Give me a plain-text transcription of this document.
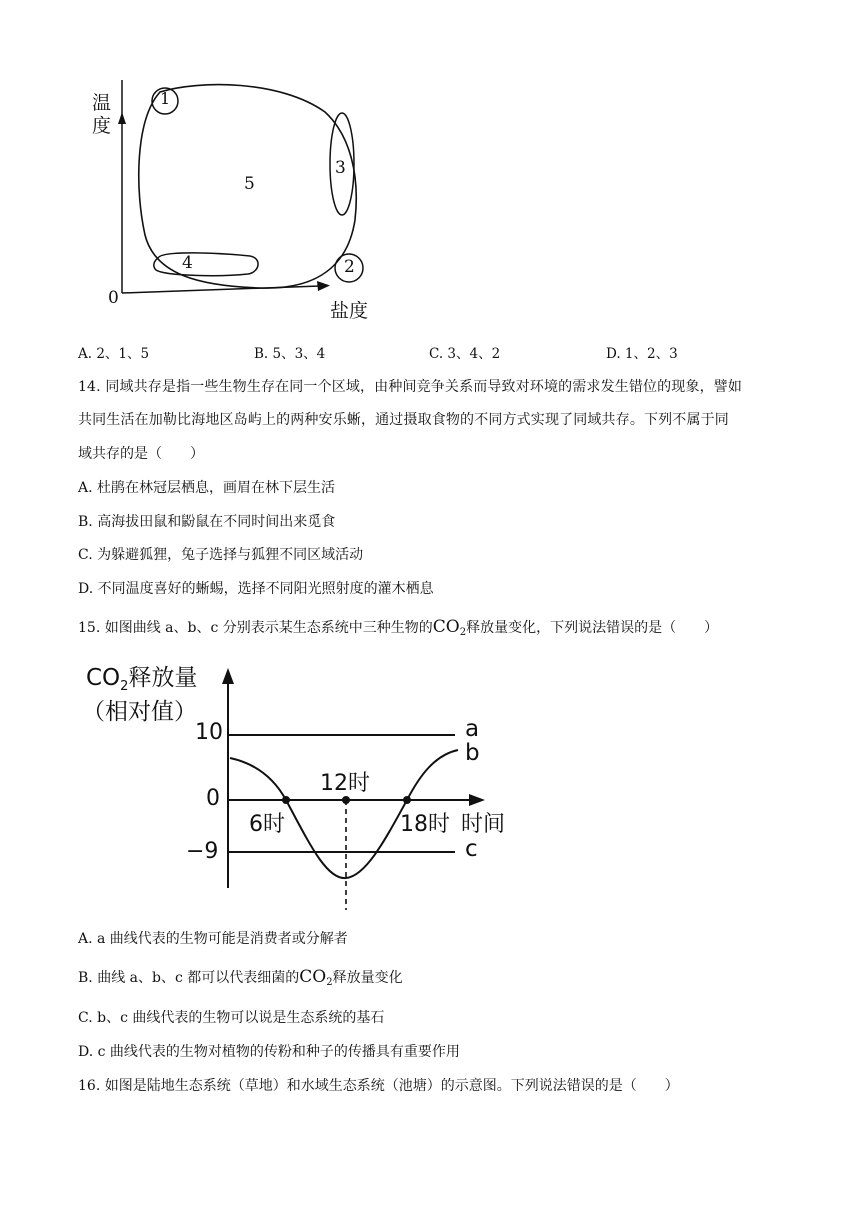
温度
盐度
0
1
2
3
4
5
A. 2、1、5	B. 5、3、4	C. 3、4、2	D. 1、2、3
14. 同域共存是指一些生物生存在同一个区域，由种间竞争关系而导致对环境的需求发生错位的现象，譬如
共同生活在加勒比海地区岛屿上的两种安乐蜥，通过摄取食物的不同方式实现了同域共存。下列不属于同
域共存的是（　　）
A. 杜鹃在林冠层栖息，画眉在林下层生活
B. 高海拔田鼠和鼢鼠在不同时间出来觅食
C. 为躲避狐狸，兔子选择与狐狸不同区域活动
D. 不同温度喜好的蜥蜴，选择不同阳光照射度的灌木栖息
15. 如图曲线 a、b、c 分别表示某生态系统中三种生物的$CO_2$释放量变化，下列说法错误的是（　　）
$CO_2$释放量
（相对值）
10
0
−9
6时
12时
18时 时间
a
b
c
A. a 曲线代表的生物可能是消费者或分解者
B. 曲线 a、b、c 都可以代表细菌的$CO_2$释放量变化
C. b、c 曲线代表的生物可以说是生态系统的基石
D. c 曲线代表的生物对植物的传粉和种子的传播具有重要作用
16. 如图是陆地生态系统（草地）和水域生态系统（池塘）的示意图。下列说法错误的是（　　）
